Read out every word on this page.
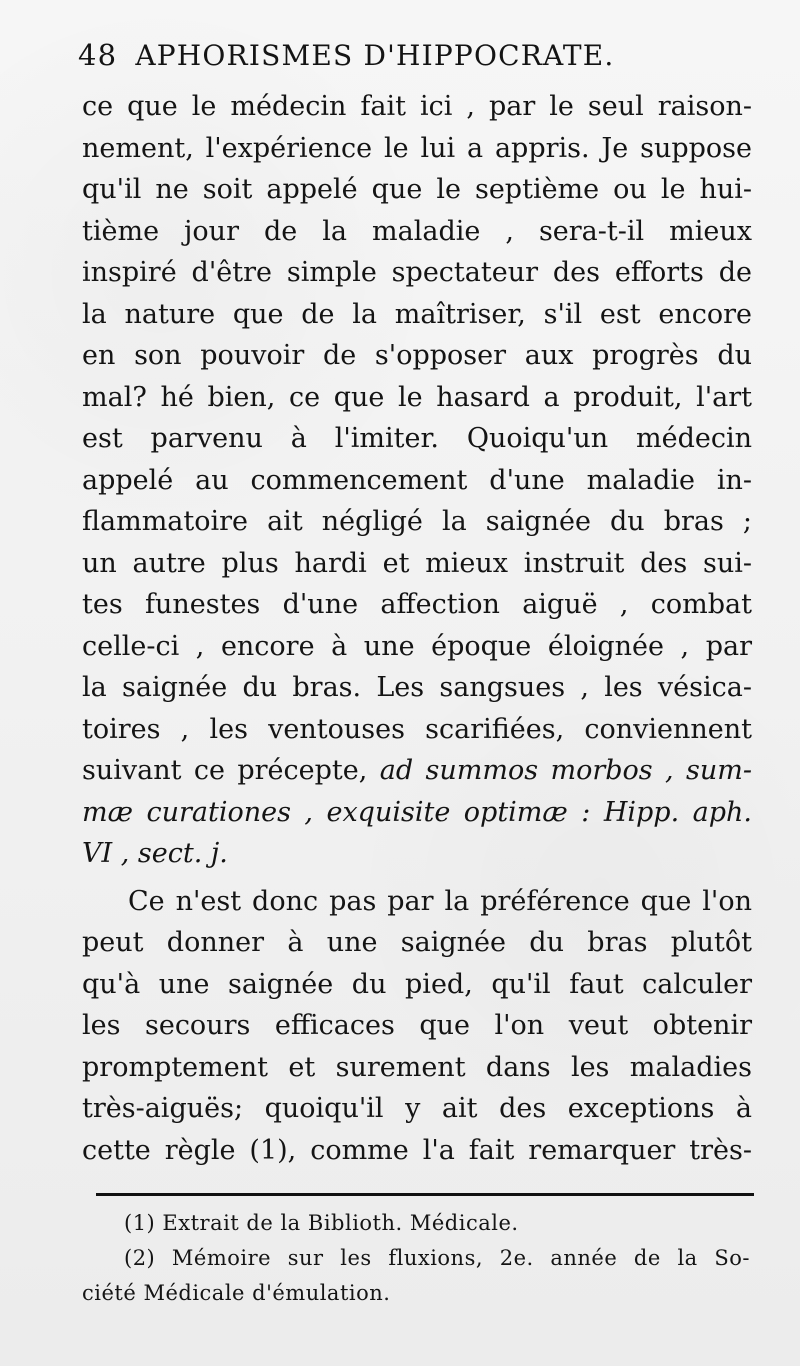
48 APHORISMES D'HIPPOCRATE.
ce que le médecin fait ici , par le seul raison-
nement, l'expérience le lui a appris. Je suppose
qu'il ne soit appelé que le septième ou le hui-
tième jour de la maladie , sera-t-il mieux
inspiré d'être simple spectateur des efforts de
la nature que de la maîtriser, s'il est encore
en son pouvoir de s'opposer aux progrès du
mal? hé bien, ce que le hasard a produit, l'art
est parvenu à l'imiter. Quoiqu'un médecin
appelé au commencement d'une maladie in-
flammatoire ait négligé la saignée du bras ;
un autre plus hardi et mieux instruit des sui-
tes funestes d'une affection aiguë , combat
celle-ci , encore à une époque éloignée , par
la saignée du bras. Les sangsues , les vésica-
toires , les ventouses scarifiées, conviennent
suivant ce précepte, ad summos morbos , sum-
mæ curationes , exquisite optimæ : Hipp. aph.
VI , sect. j.
Ce n'est donc pas par la préférence que l'on
peut donner à une saignée du bras plutôt
qu'à une saignée du pied, qu'il faut calculer
les secours efficaces que l'on veut obtenir
promptement et surement dans les maladies
très-aiguës; quoiqu'il y ait des exceptions à
cette règle (1), comme l'a fait remarquer très-
(1) Extrait de la Biblioth. Médicale.
(2) Mémoire sur les fluxions, 2e. année de la So-
ciété Médicale d'émulation.
